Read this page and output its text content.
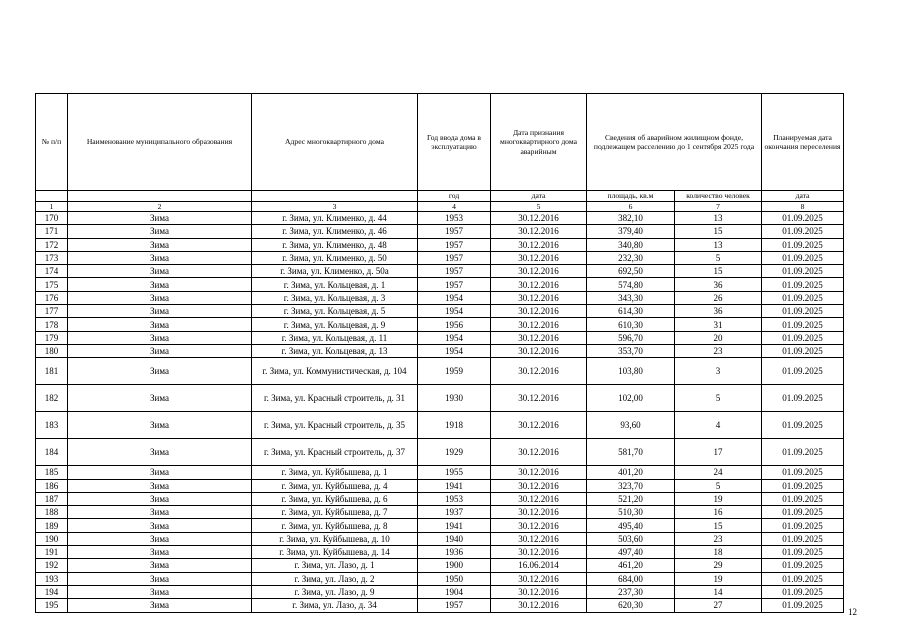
№ п/п	Наименование муниципального образования	Адрес многоквартирного дома	Год ввода дома в эксплуатацию	Дата признания многоквартирного дома аварийным	Сведения об аварийном жилищном фонде, подлежащем расселению до 1 сентября 2025 года		Планируемая дата окончания переселения
			год	дата	площадь, кв.м	количество человек	дата
1	2	3	4	5	6	7	8
170	Зима	г. Зима, ул. Клименко, д. 44	1953	30.12.2016	382,10	13	01.09.2025
171	Зима	г. Зима, ул. Клименко, д. 46	1957	30.12.2016	379,40	15	01.09.2025
172	Зима	г. Зима, ул. Клименко, д. 48	1957	30.12.2016	340,80	13	01.09.2025
173	Зима	г. Зима, ул. Клименко, д. 50	1957	30.12.2016	232,30	5	01.09.2025
174	Зима	г. Зима, ул. Клименко, д. 50а	1957	30.12.2016	692,50	15	01.09.2025
175	Зима	г. Зима, ул. Кольцевая, д. 1	1957	30.12.2016	574,80	36	01.09.2025
176	Зима	г. Зима, ул. Кольцевая, д. 3	1954	30.12.2016	343,30	26	01.09.2025
177	Зима	г. Зима, ул. Кольцевая, д. 5	1954	30.12.2016	614,30	36	01.09.2025
178	Зима	г. Зима, ул. Кольцевая, д. 9	1956	30.12.2016	610,30	31	01.09.2025
179	Зима	г. Зима, ул. Кольцевая, д. 11	1954	30.12.2016	596,70	20	01.09.2025
180	Зима	г. Зима, ул. Кольцевая, д. 13	1954	30.12.2016	353,70	23	01.09.2025
181	Зима	г. Зима, ул. Коммунистическая, д. 104	1959	30.12.2016	103,80	3	01.09.2025
182	Зима	г. Зима, ул. Красный строитель, д. 31	1930	30.12.2016	102,00	5	01.09.2025
183	Зима	г. Зима, ул. Красный строитель, д. 35	1918	30.12.2016	93,60	4	01.09.2025
184	Зима	г. Зима, ул. Красный строитель, д. 37	1929	30.12.2016	581,70	17	01.09.2025
185	Зима	г. Зима, ул. Куйбышева, д. 1	1955	30.12.2016	401,20	24	01.09.2025
186	Зима	г. Зима, ул. Куйбышева, д. 4	1941	30.12.2016	323,70	5	01.09.2025
187	Зима	г. Зима, ул. Куйбышева, д. 6	1953	30.12.2016	521,20	19	01.09.2025
188	Зима	г. Зима, ул. Куйбышева, д. 7	1937	30.12.2016	510,30	16	01.09.2025
189	Зима	г. Зима, ул. Куйбышева, д. 8	1941	30.12.2016	495,40	15	01.09.2025
190	Зима	г. Зима, ул. Куйбышева, д. 10	1940	30.12.2016	503,60	23	01.09.2025
191	Зима	г. Зима, ул. Куйбышева, д. 14	1936	30.12.2016	497,40	18	01.09.2025
192	Зима	г. Зима, ул. Лазо, д. 1	1900	16.06.2014	461,20	29	01.09.2025
193	Зима	г. Зима, ул. Лазо, д. 2	1950	30.12.2016	684,00	19	01.09.2025
194	Зима	г. Зима, ул. Лазо, д. 9	1904	30.12.2016	237,30	14	01.09.2025
195	Зима	г. Зима, ул. Лазо, д. 34	1957	30.12.2016	620,30	27	01.09.2025
12
